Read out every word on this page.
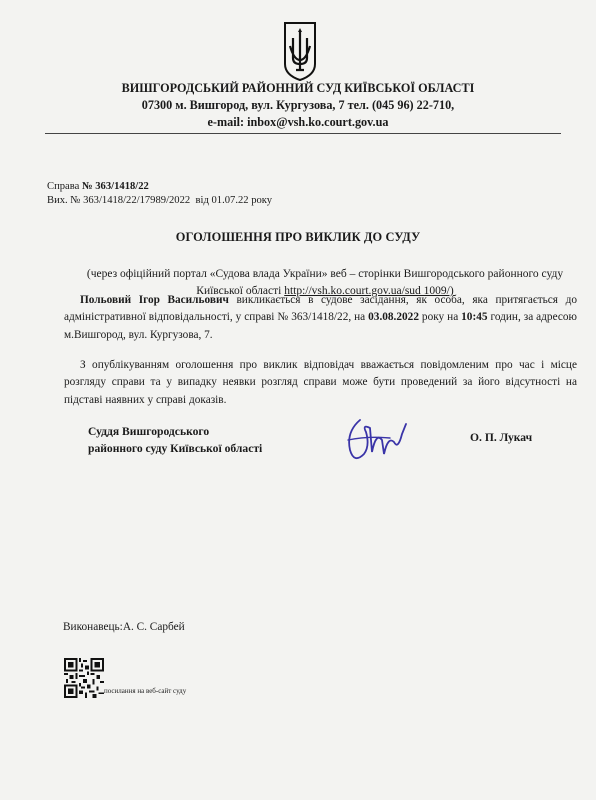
ВИШГОРОДСЬКИЙ РАЙОННИЙ СУД КИЇВСЬКОЇ ОБЛАСТІ
07300 м. Вишгород, вул. Кургузова, 7 тел. (045 96) 22-710,
e-mail: inbox@vsh.ko.court.gov.ua
Справа № 363/1418/22
Вих. № 363/1418/22/17989/2022 від 01.07.22 року
ОГОЛОШЕННЯ ПРО ВИКЛИК ДО СУДУ
(через офіційний портал «Судова влада України» веб – сторінки Вишгородського районного суду Київської області http://vsh.ko.court.gov.ua/sud 1009/)
Польовий Ігор Васильович викликається в судове засідання, як особа, яка притягається до адміністративної відповідальності, у справі № 363/1418/22, на 03.08.2022 року на 10:45 годин, за адресою м.Вишгород, вул. Кургузова, 7.
З опублікуванням оголошення про виклик відповідач вважається повідомленим про час і місце розгляду справи та у випадку неявки розгляд справи може бути проведений за його відсутності на підставі наявних у справі доказів.
Суддя Вишгородського
районного суду Київської області
О. П. Лукач
Виконавець:А. С. Сарбей
посилання на веб-сайт суду
